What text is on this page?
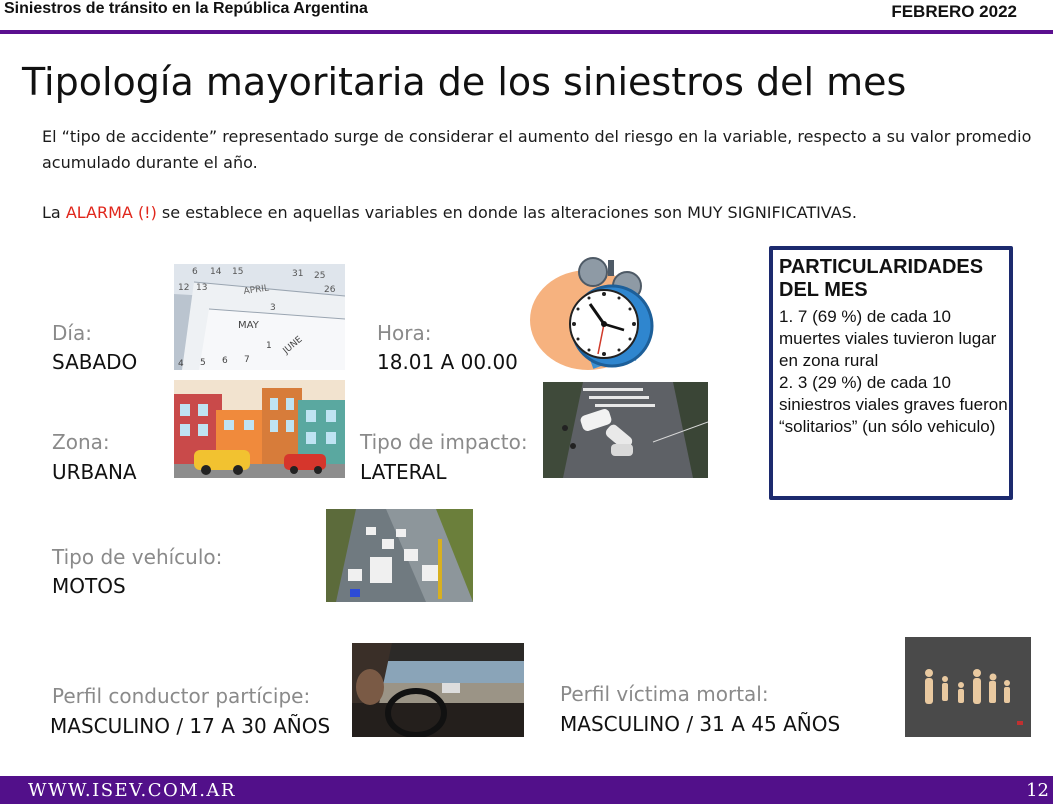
Siniestros de tránsito en la República Argentina	FEBRERO 2022
Tipología mayoritaria de los siniestros del mes
El “tipo de accidente” representado surge de considerar el aumento del riesgo en la variable, respecto a su valor promedio acumulado durante el año.
La ALARMA (!) se establece en aquellas variables en donde las alteraciones son MUY SIGNIFICATIVAS.
Día:
SABADO
6 14 15	31 25
12 13	26
APRIL
MAY
JUNE
3
4 5 6 7
1
Hora:
18.01 A 00.00
Zona:
URBANA
Tipo de impacto:
LATERAL
PARTICULARIDADES DEL MES
1. 7 (69 %) de cada 10 muertes viales tuvieron lugar en zona rural
2. 3 (29 %) de cada 10 siniestros viales graves fueron “solitarios” (un sólo vehiculo)
Tipo de vehículo:
MOTOS
Perfil conductor partícipe:
MASCULINO / 17 A 30 AÑOS
Perfil víctima mortal:
MASCULINO / 31 A 45 AÑOS
WWW.ISEV.COM.AR	12
